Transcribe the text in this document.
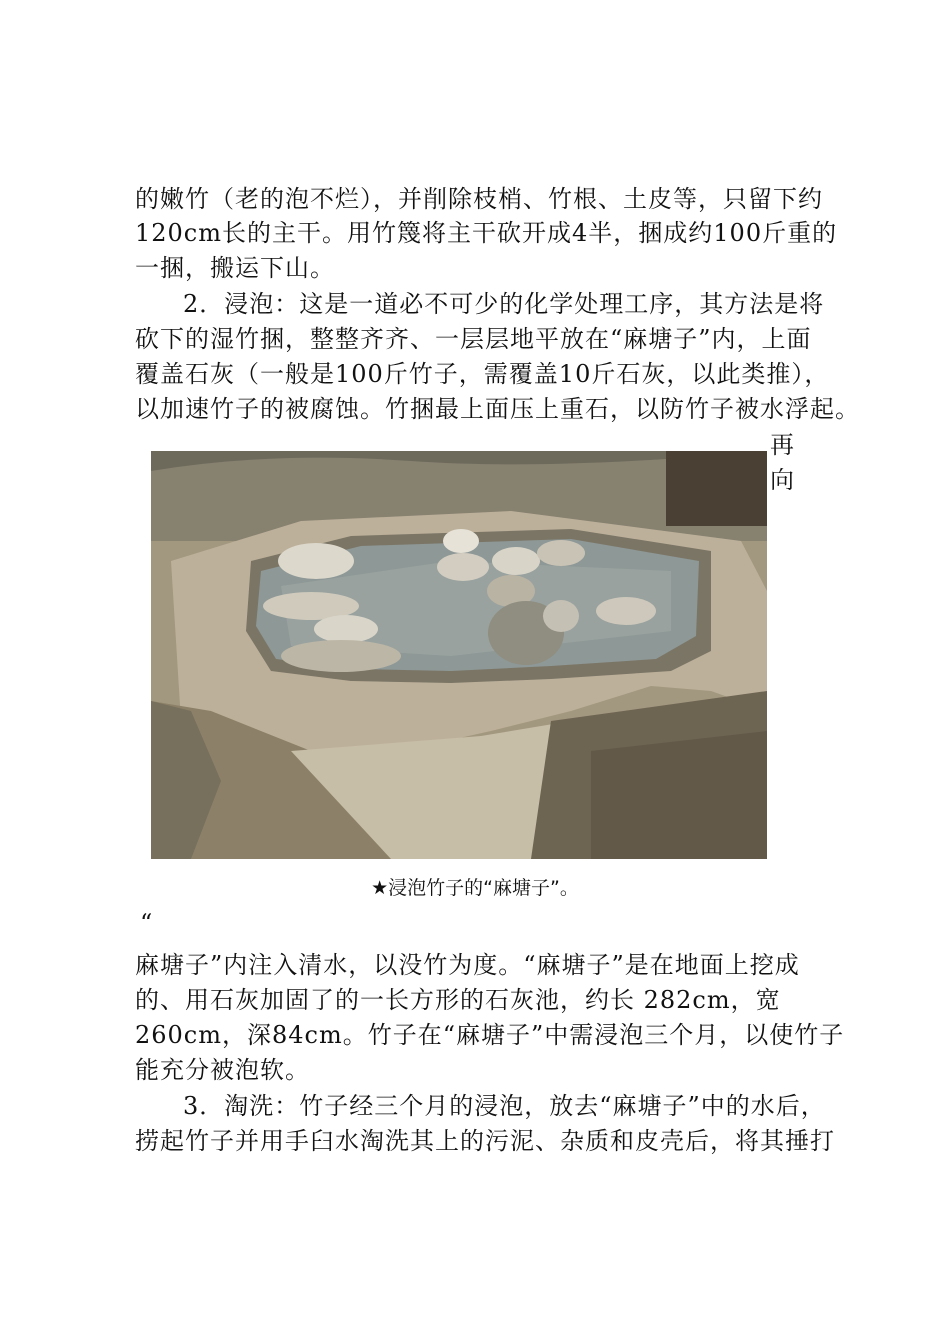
的嫩竹（老的泡不烂），并削除枝梢、竹根、土皮等，只留下约
120cm长的主干。用竹篾将主干砍开成4半，捆成约100斤重的
一捆，搬运下山。
2．浸泡：这是一道必不可少的化学处理工序，其方法是将
砍下的湿竹捆，整整齐齐、一层层地平放在“麻塘子”内，上面
覆盖石灰（一般是100斤竹子，需覆盖10斤石灰，以此类推），
以加速竹子的被腐蚀。竹捆最上面压上重石，以防竹子被水浮起。
再
向
★浸泡竹子的“麻塘子”。
“
麻塘子”内注入清水，以没竹为度。“麻塘子”是在地面上挖成
的、用石灰加固了的一长方形的石灰池，约长 282cm，宽
260cm，深84cm。竹子在“麻塘子”中需浸泡三个月，以使竹子
能充分被泡软。
3．淘洗：竹子经三个月的浸泡，放去“麻塘子”中的水后，
捞起竹子并用手臼水淘洗其上的污泥、杂质和皮壳后，将其捶打
